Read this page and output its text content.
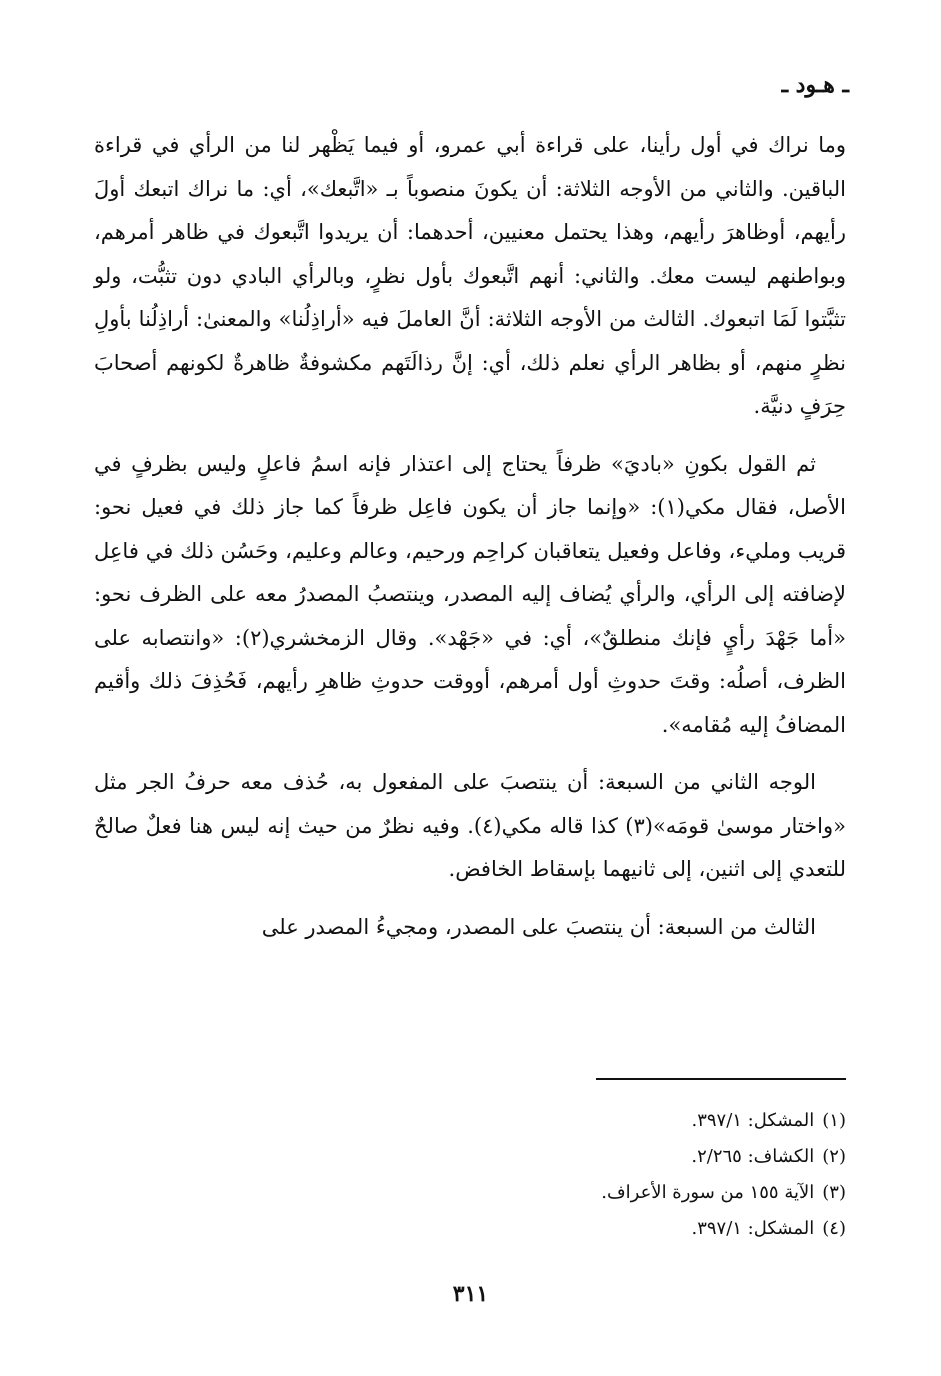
ـ هـود ـ

وما نراك في أول رأينا، على قراءة أبي عمرو، أو فيما يَظْهر لنا من الرأي في قراءة الباقين. والثاني من الأوجه الثلاثة: أن يكونَ منصوباً بـ «اتَّبعك»، أي: ما نراك اتبعك أولَ رأيهم، أوظاهرَ رأيهم، وهذا يحتمل معنيين، أحدهما: أن يريدوا اتَّبعوك في ظاهر أمرهم، وبواطنهم ليست معك. والثاني: أنهم اتَّبعوك بأول نظرٍ، وبالرأي البادي دون تثبُّت، ولو تثبَّتوا لَمَا اتبعوك. الثالث من الأوجه الثلاثة: أنَّ العاملَ فيه «أراذِلُنا» والمعنىٰ: أراذِلُنا بأولِ نظرٍ منهم، أو بظاهر الرأي نعلم ذلك، أي: إنَّ رذالَتَهم مكشوفةٌ ظاهرةٌ لكونهم أصحابَ حِرَفٍ دنيَّة.

ثم القول بكونِ «باديَ» ظرفاً يحتاج إلى اعتذار فإنه اسمُ فاعلٍ وليس بظرفٍ في الأصل، فقال مكي(١): «وإنما جاز أن يكون فاعِل ظرفاً كما جاز ذلك في فعيل نحو: قريب ومليء، وفاعل وفعيل يتعاقبان كراحِم ورحيم، وعالم وعليم، وحَسُن ذلك في فاعِل لإضافته إلى الرأي، والرأي يُضاف إليه المصدر، وينتصبُ المصدرُ معه على الظرف نحو: «أما جَهْدَ رأيٍ فإنك منطلقٌ»، أي: في «جَهْد». وقال الزمخشري(٢): «وانتصابه على الظرف، أصلُه: وقتَ حدوثِ أول أمرهم، أووقت حدوثِ ظاهرِ رأيهم، فَحُذِفَ ذلك وأقيم المضافُ إليه مُقامه».

الوجه الثاني من السبعة: أن ينتصبَ على المفعول به، حُذف معه حرفُ الجر مثل «واختار موسىٰ قومَه»(٣) كذا قاله مكي(٤). وفيه نظرٌ من حيث إنه ليس هنا فعلٌ صالحٌ للتعدي إلى اثنين، إلى ثانيهما بإسقاط الخافض.

الثالث من السبعة: أن ينتصبَ على المصدر، ومجيءُ المصدر على

(١)المشكل: ٣٩٧/١.
(٢)الكشاف: ٢/٢٦٥.
(٣)الآية ١٥٥ من سورة الأعراف.
(٤)المشكل: ٣٩٧/١.
٣١١
